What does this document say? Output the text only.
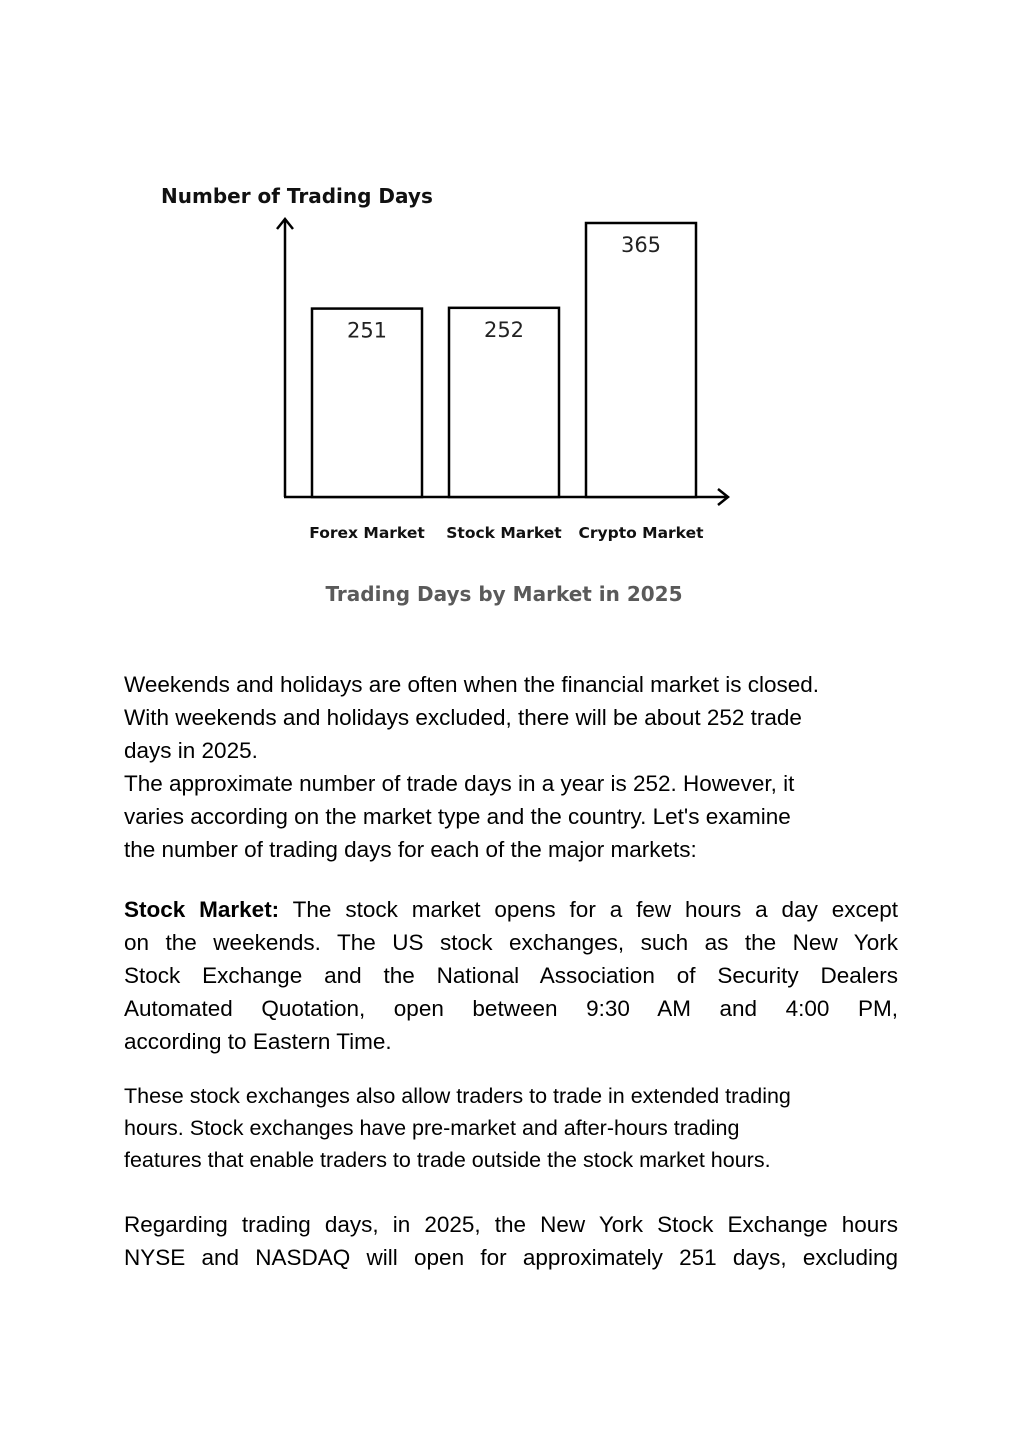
Number of Trading Days
Market Type
251
Forex Market
252
Stock Market
365
Crypto Market
Trading Days by Market in 2025
Weekends and holidays are often when the financial market is closed.
With weekends and holidays excluded, there will be about 252 trade
days in 2025.
The approximate number of trade days in a year is 252. However, it
varies according on the market type and the country. Let's examine
the number of trading days for each of the major markets:
Stock Market: The stock market opens for a few hours a day except
on the weekends. The US stock exchanges, such as the New York
Stock Exchange and the National Association of Security Dealers
Automated Quotation, open between 9:30 AM and 4:00 PM,
according to Eastern Time.
These stock exchanges also allow traders to trade in extended trading
hours. Stock exchanges have pre-market and after-hours trading
features that enable traders to trade outside the stock market hours.
Regarding trading days, in 2025, the New York Stock Exchange hours
NYSE and NASDAQ will open for approximately 251 days, excluding
